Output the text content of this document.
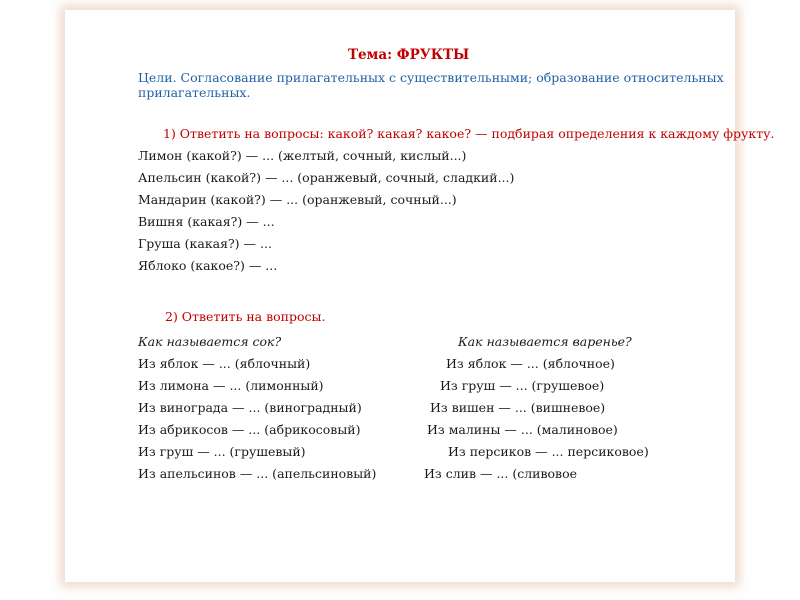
Тема: ФРУКТЫ

Цели. Согласование прилагательных с существительными; образование относительных прилагательных.

1) Ответить на вопросы: какой? какая? какое? — подбирая определения к каждому фрукту.
Лимон (какой?) — ... (желтый, сочный, кислый...)
Апельсин (какой?) — ... (оранжевый, сочный, сладкий...)
Мандарин (какой?) — ... (оранжевый, сочный...)
Вишня (какая?) — ...
Груша (какая?) — ...
Яблоко (какое?) — ...
2) Ответить на вопросы.
Как называется сок?	Как называется варенье?
Из яблок — ... (яблочный)	Из яблок — ... (яблочное)
Из лимона — ... (лимонный)	Из груш — ... (грушевое)
Из винограда — ... (виноградный)	Из вишен — ... (вишневое)
Из абрикосов — ... (абрикосовый)	Из малины — ... (малиновое)
Из груш — ... (грушевый)	Из персиков — ... персиковое)
Из апельсинов — ... (апельсиновый)	Из слив — ... (сливовое
